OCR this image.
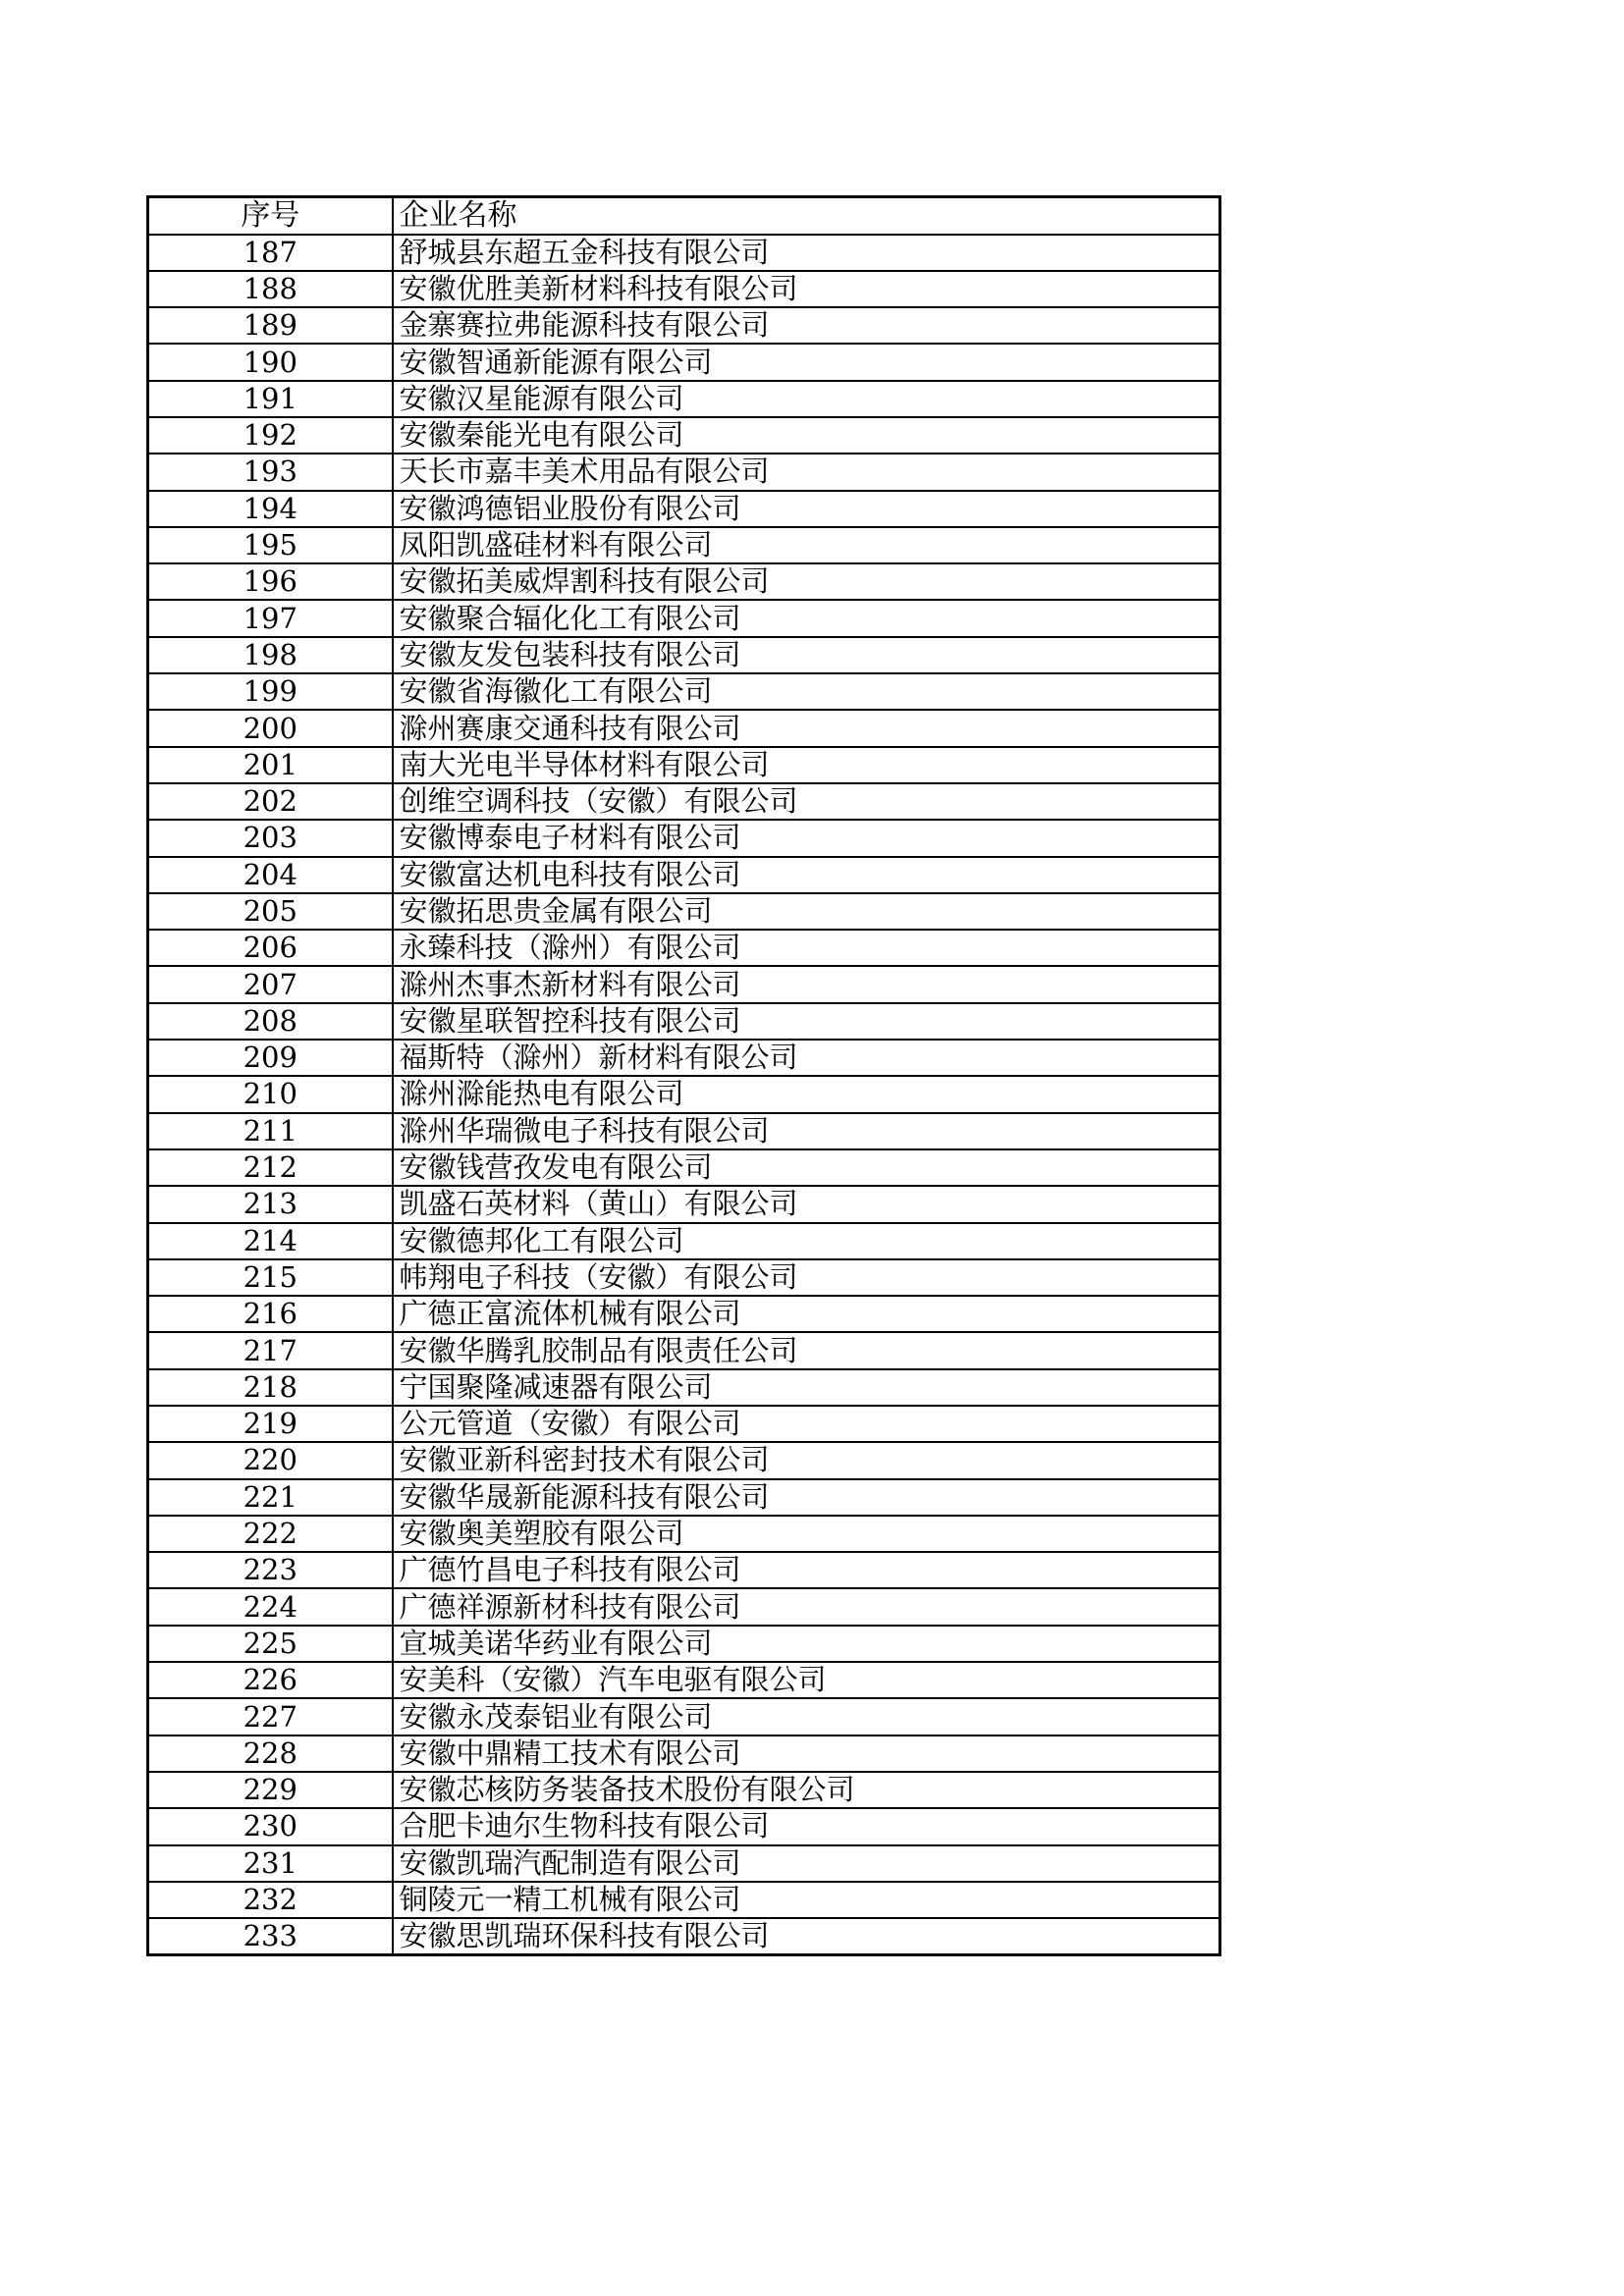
序号	企业名称
187	舒城县东超五金科技有限公司
188	安徽优胜美新材料科技有限公司
189	金寨赛拉弗能源科技有限公司
190	安徽智通新能源有限公司
191	安徽汉星能源有限公司
192	安徽秦能光电有限公司
193	天长市嘉丰美术用品有限公司
194	安徽鸿德铝业股份有限公司
195	凤阳凯盛硅材料有限公司
196	安徽拓美威焊割科技有限公司
197	安徽聚合辐化化工有限公司
198	安徽友发包装科技有限公司
199	安徽省海徽化工有限公司
200	滁州赛康交通科技有限公司
201	南大光电半导体材料有限公司
202	创维空调科技（安徽）有限公司
203	安徽博泰电子材料有限公司
204	安徽富达机电科技有限公司
205	安徽拓思贵金属有限公司
206	永臻科技（滁州）有限公司
207	滁州杰事杰新材料有限公司
208	安徽星联智控科技有限公司
209	福斯特（滁州）新材料有限公司
210	滁州滁能热电有限公司
211	滁州华瑞微电子科技有限公司
212	安徽钱营孜发电有限公司
213	凯盛石英材料（黄山）有限公司
214	安徽德邦化工有限公司
215	帏翔电子科技（安徽）有限公司
216	广德正富流体机械有限公司
217	安徽华腾乳胶制品有限责任公司
218	宁国聚隆减速器有限公司
219	公元管道（安徽）有限公司
220	安徽亚新科密封技术有限公司
221	安徽华晟新能源科技有限公司
222	安徽奥美塑胶有限公司
223	广德竹昌电子科技有限公司
224	广德祥源新材科技有限公司
225	宣城美诺华药业有限公司
226	安美科（安徽）汽车电驱有限公司
227	安徽永茂泰铝业有限公司
228	安徽中鼎精工技术有限公司
229	安徽芯核防务装备技术股份有限公司
230	合肥卡迪尔生物科技有限公司
231	安徽凯瑞汽配制造有限公司
232	铜陵元一精工机械有限公司
233	安徽思凯瑞环保科技有限公司
